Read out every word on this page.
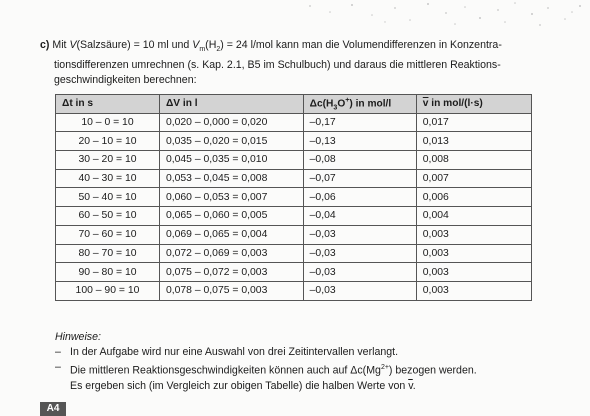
c) Mit V(Salzsäure) = 10 ml und $V_m(H_2) = 24$ l/mol kann man die Volumendifferenzen in Konzentra-
tionsdifferenzen umrechnen (s. Kap. 2.1, B5 im Schulbuch) und daraus die mittleren Reaktions-
geschwindigkeiten berechnen:
Δt in s	ΔV in l	$\Delta c(H_3O^+)$ in mol/l	$\overline{v}$ in mol/(l·s)
10 – 0 = 10	0,020 – 0,000 = 0,020	–0,17	0,017
20 – 10 = 10	0,035 – 0,020 = 0,015	–0,13	0,013
30 – 20 = 10	0,045 – 0,035 = 0,010	–0,08	0,008
40 – 30 = 10	0,053 – 0,045 = 0,008	–0,07	0,007
50 – 40 = 10	0,060 – 0,053 = 0,007	–0,06	0,006
60 – 50 = 10	0,065 – 0,060 = 0,005	–0,04	0,004
70 – 60 = 10	0,069 – 0,065 = 0,004	–0,03	0,003
80 – 70 = 10	0,072 – 0,069 = 0,003	–0,03	0,003
90 – 80 = 10	0,075 – 0,072 = 0,003	–0,03	0,003
100 – 90 = 10	0,078 – 0,075 = 0,003	–0,03	0,003
Hinweise:
– In der Aufgabe wird nur eine Auswahl von drei Zeitintervallen verlangt.
– Die mittleren Reaktionsgeschwindigkeiten können auch auf $\Delta c(Mg^{2+})$ bezogen werden.
Es ergeben sich (im Vergleich zur obigen Tabelle) die halben Werte von $\overline{v}$.
A4
